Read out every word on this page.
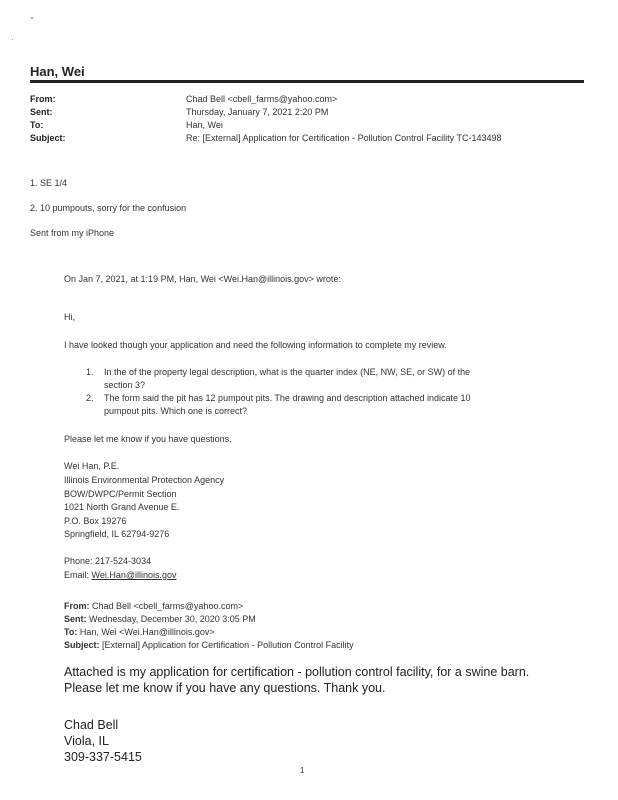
Han, Wei
From:	Chad Bell <cbell_farms@yahoo.com>
Sent:	Thursday, January 7, 2021 2:20 PM
To:	Han, Wei
Subject:	Re: [External] Application for Certification - Pollution Control Facility TC-143498
1. SE 1/4
2. 10 pumpouts, sorry for the confusion
Sent from my iPhone
On Jan 7, 2021, at 1:19 PM, Han, Wei <Wei.Han@illinois.gov> wrote:
Hi,
I have looked though your application and need the following information to complete my review.
1. In the of the property legal description, what is the quarter index (NE, NW, SE, or SW) of the
section 3?
2. The form said the pit has 12 pumpout pits. The drawing and description attached indicate 10
pumpout pits. Which one is correct?
Please let me know if you have questions.
Wei Han, P.E.
Illinois Environmental Protection Agency
BOW/DWPC/Permit Section
1021 North Grand Avenue E.
P.O. Box 19276
Springfield, IL 62794-9276
Phone: 217-524-3034
Email: Wei.Han@illinois.gov
From: Chad Bell <cbell_farms@yahoo.com>
Sent: Wednesday, December 30, 2020 3:05 PM
To: Han, Wei <Wei.Han@illinois.gov>
Subject: [External] Application for Certification - Pollution Control Facility
Attached is my application for certification - pollution control facility, for a swine barn.
Please let me know if you have any questions. Thank you.
Chad Bell
Viola, IL
309-337-5415
1
